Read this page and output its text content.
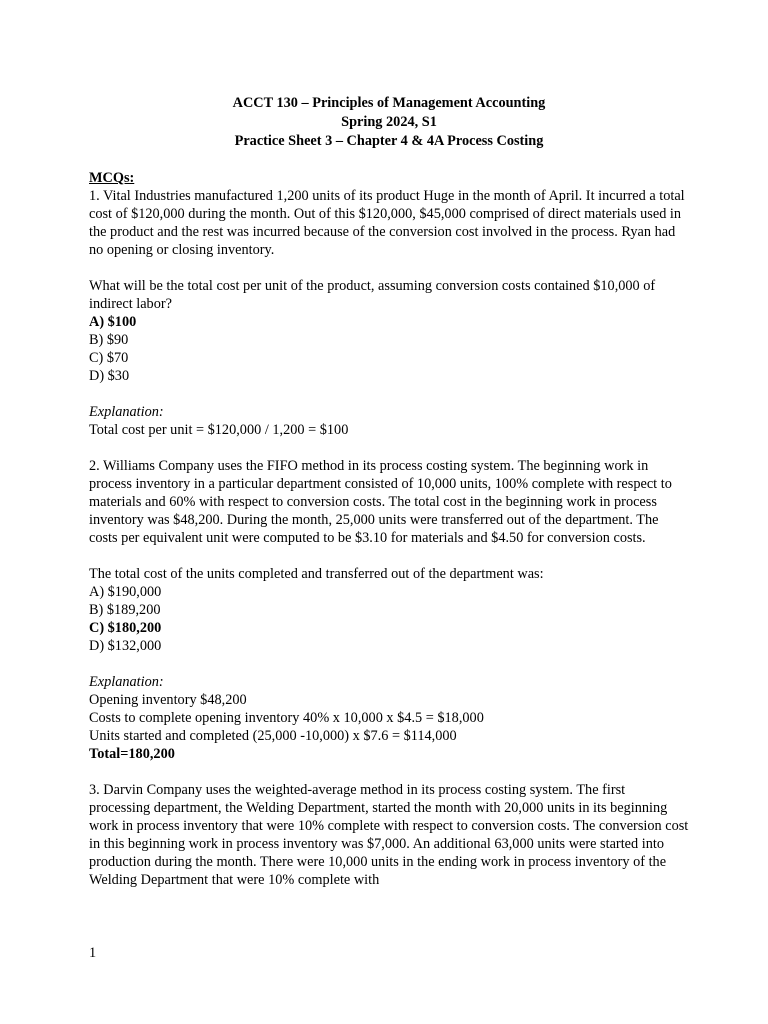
ACCT 130 – Principles of Management Accounting
Spring 2024, S1
Practice Sheet 3 – Chapter 4 & 4A Process Costing

MCQs:

1. Vital Industries manufactured 1,200 units of its product Huge in the month of April. It incurred a total cost of $120,000 during the month. Out of this $120,000, $45,000 comprised of direct materials used in the product and the rest was incurred because of the conversion cost involved in the process. Ryan had no opening or closing inventory.

What will be the total cost per unit of the product, assuming conversion costs contained $10,000 of indirect labor?

A) $100

B) $90

C) $70

D) $30

Explanation:

Total cost per unit = $120,000 / 1,200 = $100

2. Williams Company uses the FIFO method in its process costing system. The beginning work in process inventory in a particular department consisted of 10,000 units, 100% complete with respect to materials and 60% with respect to conversion costs. The total cost in the beginning work in process inventory was $48,200. During the month, 25,000 units were transferred out of the department. The costs per equivalent unit were computed to be $3.10 for materials and $4.50 for conversion costs.

The total cost of the units completed and transferred out of the department was:

A) $190,000

B) $189,200

C) $180,200

D) $132,000

Explanation:

Opening inventory $48,200

Costs to complete opening inventory 40% x 10,000 x $4.5 = $18,000

Units started and completed (25,000 -10,000) x $7.6 = $114,000

Total=180,200

3. Darvin Company uses the weighted-average method in its process costing system. The first processing department, the Welding Department, started the month with 20,000 units in its beginning work in process inventory that were 10% complete with respect to conversion costs. The conversion cost in this beginning work in process inventory was $7,000. An additional 63,000 units were started into production during the month. There were 10,000 units in the ending work in process inventory of the Welding Department that were 10% complete with

1
